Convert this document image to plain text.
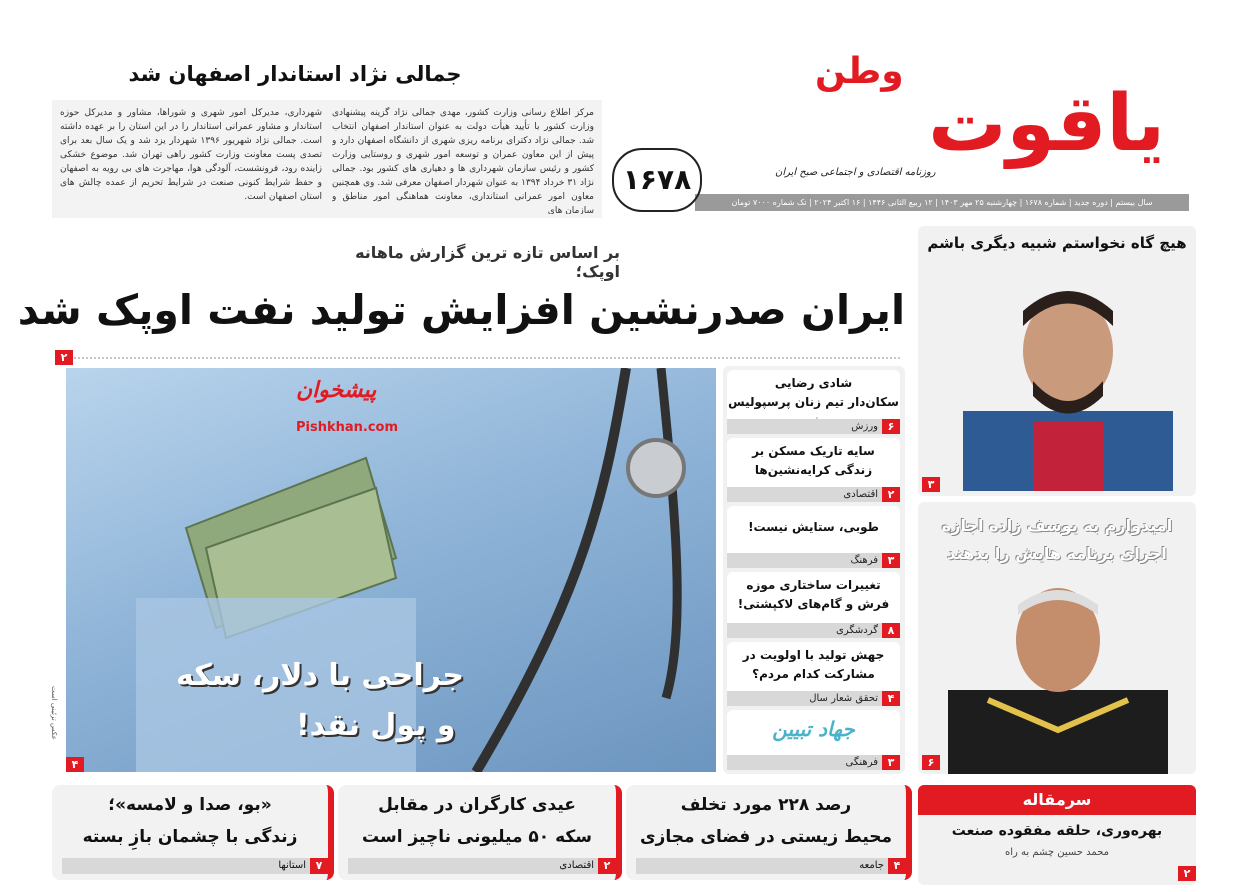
وطن
یاقوت
روزنامه اقتصادی و اجتماعی صبح ایران
سال بیستم | دوره جدید | شماره ۱۶۷۸ | چهارشنبه ۲۵ مهر ۱۴۰۳ | ۱۲ ربیع الثانی ۱۴۴۶ | ۱۶ اکتبر ۲۰۲۴ | تک شماره ۷۰۰۰ تومان
۱۶۷۸
جمالی نژاد استاندار اصفهان شد
مرکز اطلاع رسانی وزارت کشور، مهدی جمالی نژاد گزینه پیشنهادی وزارت کشور با تأیید هیأت دولت به عنوان استاندار اصفهان انتخاب شد. جمالی نژاد دکترای برنامه ریزی شهری از دانشگاه اصفهان دارد و پیش از این معاون عمران و توسعه امور شهری و روستایی وزارت کشور و رئیس سازمان شهرداری ها و دهیاری های کشور بود. جمالی نژاد ۳۱ خرداد ۱۳۹۴ به عنوان شهردار اصفهان معرفی شد. وی همچنین معاون امور عمرانی استانداری، معاونت هماهنگی امور مناطق و سازمان های
شهرداری، مدیرکل امور شهری و شوراها، مشاور و مدیرکل حوزه استاندار و مشاور عمرانی استاندار را در این استان را بر عهده داشته است. جمالی نژاد شهریور ۱۳۹۶ شهردار یزد شد و یک سال بعد برای تصدی پست معاونت وزارت کشور راهی تهران شد. موضوع خشکی زاینده رود، فرونشست، آلودگی هوا، مهاجرت های بی رویه به اصفهان و حفظ شرایط کنونی صنعت در شرایط تحریم از عمده چالش های استان اصفهان است.
بر اساس تازه ترین گزارش ماهانه اوپک؛
ایران صدرنشین افزایش تولید نفت اوپک شد
۲
پیشخوان
Pishkhan.com
جراحی با دلار، سکه
و پول نقد!
عکس تزئینی است
۴
شادی رضایی
سکان‌دار تیم زنان پرسپولیس
۶
ورزش
سایه تاریک مسکن بر
زندگی کرایه‌نشین‌ها
۲
اقتصادی
طوبی، ستایش نیست!
۳
فرهنگ
تغییرات ساختاری موزه
فرش و گام‌های لاکپشتی!
۸
گردشگری
جهش تولید با اولویت در
مشارکت کدام مردم؟
۴
تحقق شعار سال
جهاد تبیین
۳
فرهنگی
هیچ گاه نخواستم شبیه دیگری باشم
۳
امیدوارم به یوسف زاده اجازه
اجرای برنامه هایش را بدهند
۶
رصد ۲۲۸ مورد تخلف
محیط زیستی در فضای مجازی
۴
جامعه
عیدی کارگران در مقابل
سکه ۵۰ میلیونی ناچیز است
۲
اقتصادی
«بو، صدا و لامسه»؛
زندگی با چشمان بازِ بسته
۷
استانها
سرمقاله
بهره‌وری، حلقه مفقوده صنعت
محمد حسین چشم به راه
۲
